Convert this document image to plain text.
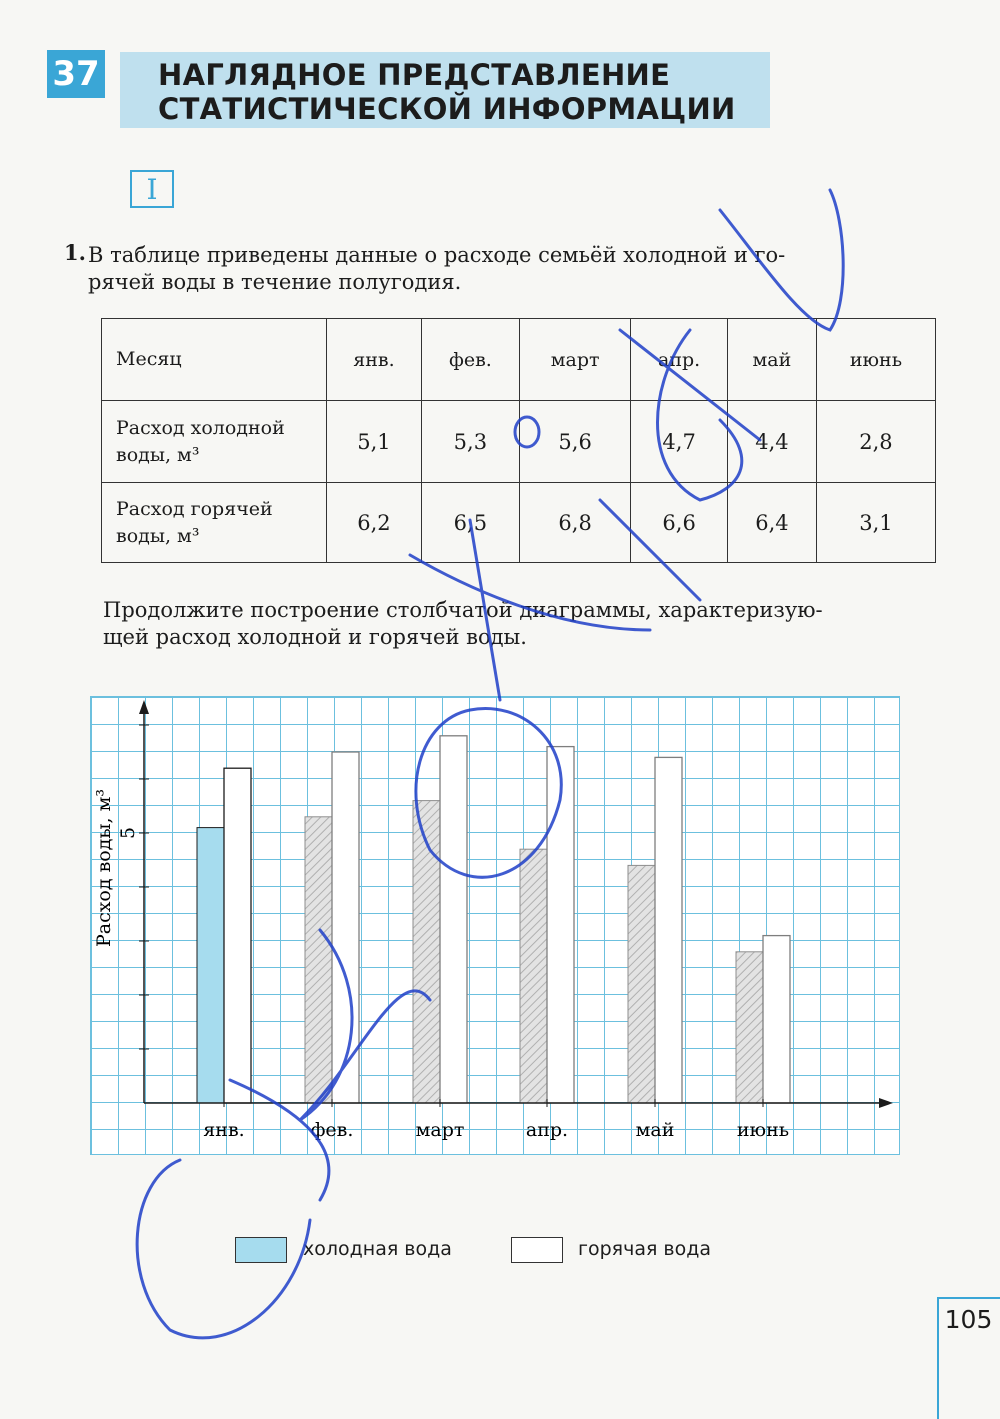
37 НАГЛЯДНОЕ ПРЕДСТАВЛЕНИЕ
СТАТИСТИЧЕСКОЙ ИНФОРМАЦИИ
I
1. В таблице приведены данные о расходе семьёй холодной и го-
рячей воды в течение полугодия.
Месяц	янв.	фев.	март	апр.	май	июнь

Расход холодной
воды, м³	5,1	5,3	5,6	4,7	4,4	2,8

Расход горячей
воды, м³	6,2	6,5	6,8	6,6	6,4	3,1
Продолжите построение столбчатой диаграммы, характеризую-
щей расход холодной и горячей воды.
5
Расход воды, м³
янв.	фев.	март	апр.	май	июнь
холодная вода	горячая вода
105
